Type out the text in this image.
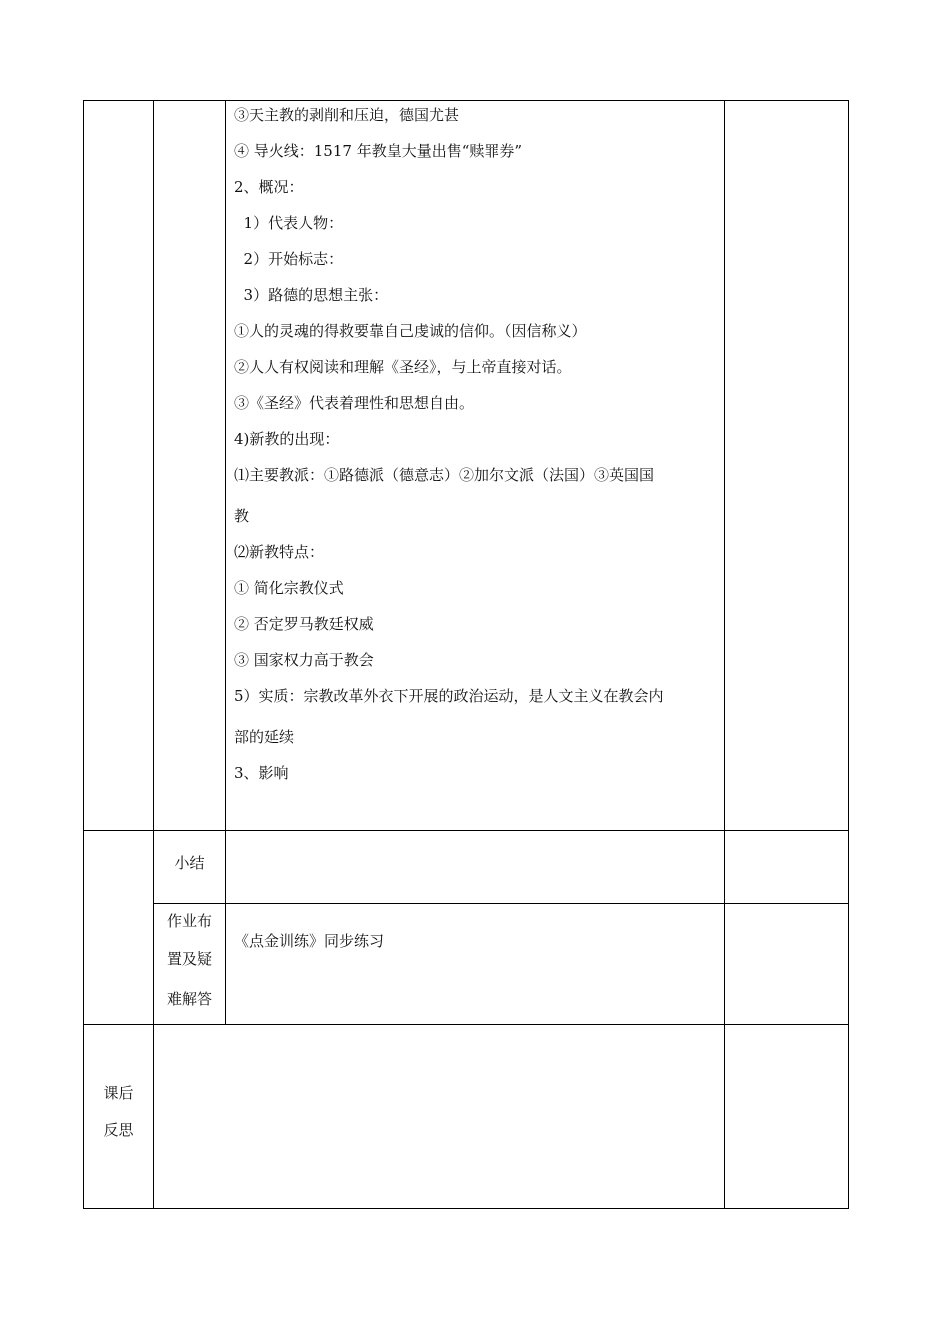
③天主教的剥削和压迫，德国尤甚

④ 导火线：1517 年教皇大量出售“赎罪券”

2、概况：

1）代表人物：

2）开始标志：

3）路德的思想主张：

①人的灵魂的得救要靠自己虔诚的信仰。（因信称义）

②人人有权阅读和理解《圣经》，与上帝直接对话。

③《圣经》代表着理性和思想自由。

4)新教的出现：

⑴主要教派：①路德派（德意志）②加尔文派（法国）③英国国

教

⑵新教特点：

① 简化宗教仪式

② 否定罗马教廷权威

③ 国家权力高于教会

5）实质：宗教改革外衣下开展的政治运动，是人文主义在教会内

部的延续

3、影响

小结
作业布
置及疑
难解答
《点金训练》同步练习
课后
反思
